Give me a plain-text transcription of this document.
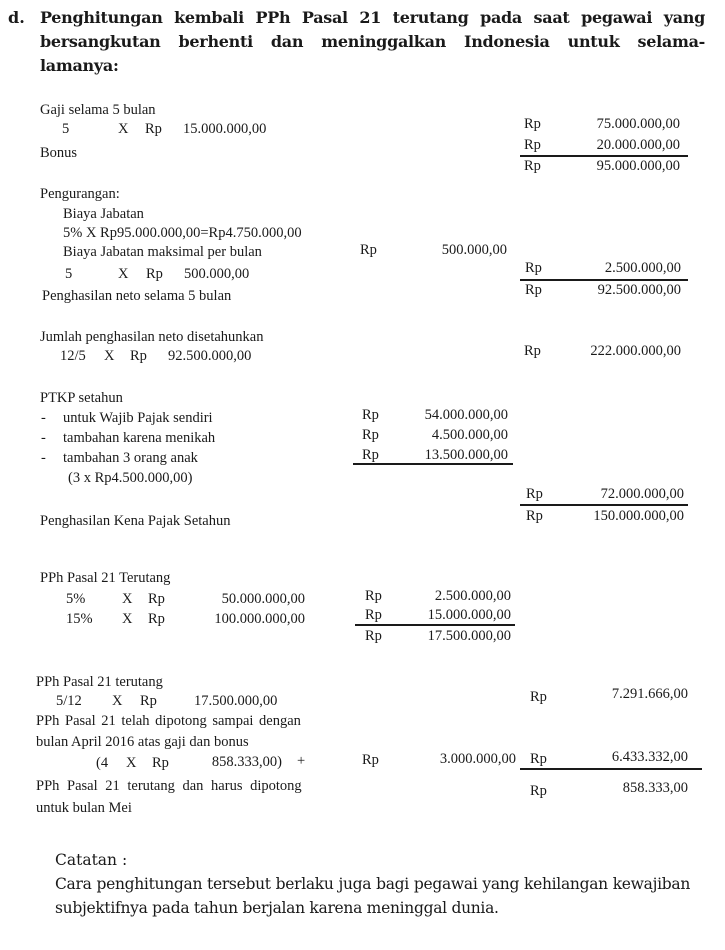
d. Penghitungan kembali PPh Pasal 21 terutang pada saat pegawai yang bersangkutan berhenti dan meninggalkan Indonesia untuk selama-lamanya:
Gaji selama 5 bulan
5	X Rp 15.000.000,00	Rp	75.000.000,00
Bonus	Rp	20.000.000,00
Rp	95.000.000,00
Pengurangan:
Biaya Jabatan
5% X Rp95.000.000,00=Rp4.750.000,00
Biaya Jabatan maksimal per bulan	Rp	500.000,00
5	X Rp 500.000,00	Rp	2.500.000,00
Penghasilan neto selama 5 bulan	Rp	92.500.000,00
Jumlah penghasilan neto disetahunkan
12/5 X Rp 92.500.000,00	Rp	222.000.000,00
PTKP setahun
- untuk Wajib Pajak sendiri	Rp	54.000.000,00
- tambahan karena menikah	Rp	4.500.000,00
- tambahan 3 orang anak	Rp	13.500.000,00
(3 x Rp4.500.000,00)
Rp	72.000.000,00
Penghasilan Kena Pajak Setahun	Rp	150.000.000,00
PPh Pasal 21 Terutang
5%	X Rp	50.000.000,00	Rp	2.500.000,00
15% X Rp	100.000.000,00	Rp	15.000.000,00
Rp	17.500.000,00
PPh Pasal 21 terutang
5/12 X Rp	17.500.000,00	Rp	7.291.666,00
PPh Pasal 21 telah dipotong sampai dengan
bulan April 2016 atas gaji dan bonus
(4 X Rp	858.333,00) +	Rp	3.000.000,00 Rp	6.433.332,00
PPh Pasal 21 terutang dan harus dipotong
untuk bulan Mei
Rp	858.333,00
Catatan :
Cara penghitungan tersebut berlaku juga bagi pegawai yang kehilangan kewajiban subjektifnya pada tahun berjalan karena meninggal dunia.
